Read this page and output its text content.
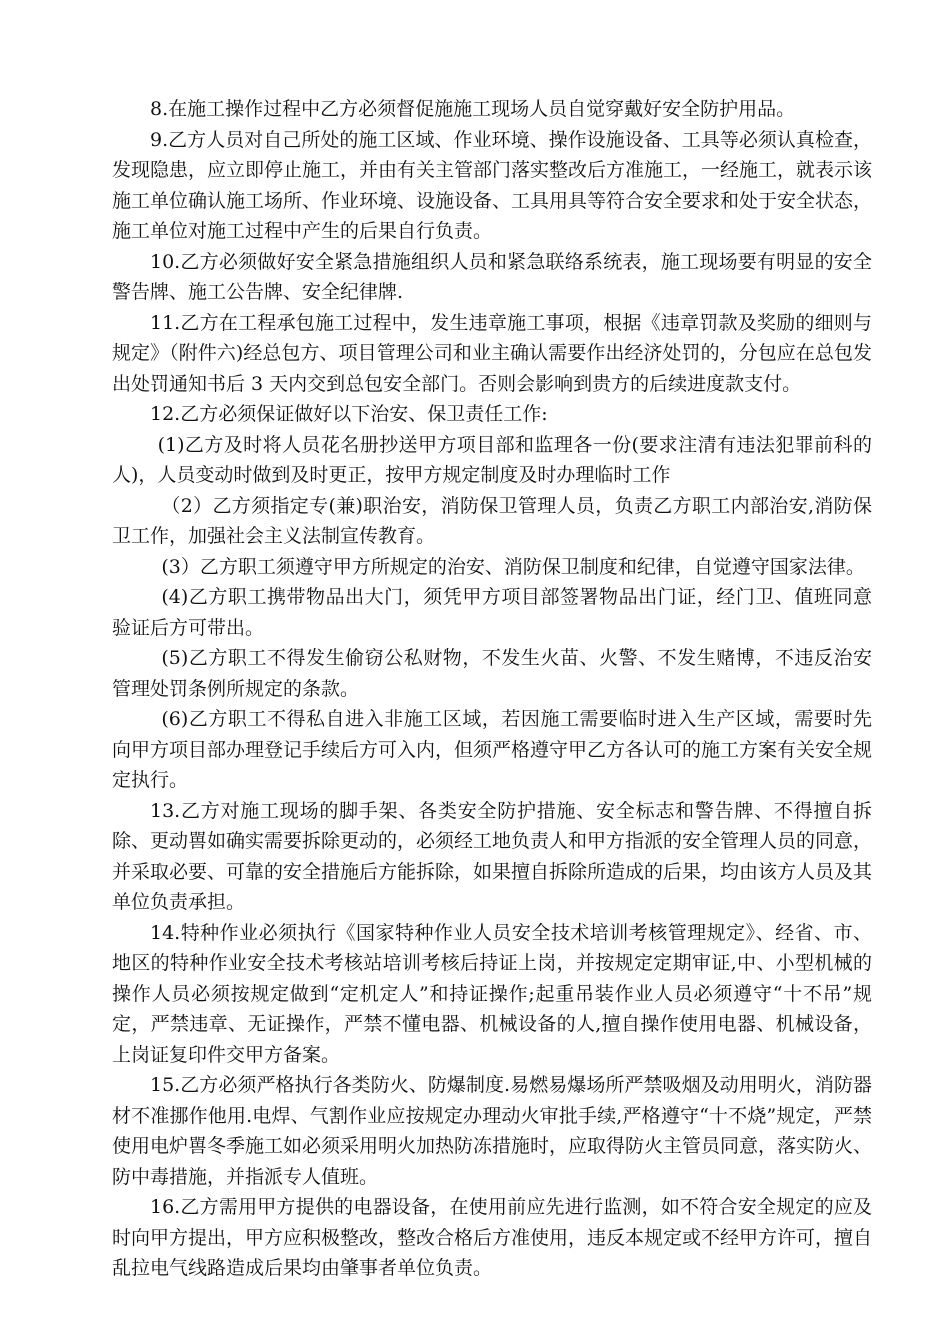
8.在施工操作过程中乙方必须督促施施工现场人员自觉穿戴好安全防护用品。

9.乙方人员对自己所处的施工区域、作业环境、操作设施设备、工具等必须认真检查，发现隐患，应立即停止施工，并由有关主管部门落实整改后方准施工，一经施工，就表示该施工单位确认施工场所、作业环境、设施设备、工具用具等符合安全要求和处于安全状态，施工单位对施工过程中产生的后果自行负责。

10.乙方必须做好安全紧急措施组织人员和紧急联络系统表，施工现场要有明显的安全警告牌、施工公告牌、安全纪律牌.

11.乙方在工程承包施工过程中，发生违章施工事项，根据《违章罚款及奖励的细则与规定》（附件六)经总包方、项目管理公司和业主确认需要作出经济处罚的，分包应在总包发出处罚通知书后 3 天内交到总包安全部门。否则会影响到贵方的后续进度款支付。

12.乙方必须保证做好以下治安、保卫责任工作:

(1)乙方及时将人员花名册抄送甲方项目部和监理各一份(要求注清有违法犯罪前科的人)，人员变动时做到及时更正，按甲方规定制度及时办理临时工作

（2）乙方须指定专(兼)职治安，消防保卫管理人员，负责乙方职工内部治安,消防保卫工作，加强社会主义法制宣传教育。

(3）乙方职工须遵守甲方所规定的治安、消防保卫制度和纪律，自觉遵守国家法律。

(4)乙方职工携带物品出大门，须凭甲方项目部签署物品出门证，经门卫、值班同意验证后方可带出。

(5)乙方职工不得发生偷窃公私财物，不发生火苗、火警、不发生赌博，不违反治安管理处罚条例所规定的条款。

(6)乙方职工不得私自进入非施工区域，若因施工需要临时进入生产区域，需要时先向甲方项目部办理登记手续后方可入内，但须严格遵守甲乙方各认可的施工方案有关安全规定执行。

13.乙方对施工现场的脚手架、各类安全防护措施、安全标志和警告牌、不得擅自拆除、更动嘼如确实需要拆除更动的，必须经工地负责人和甲方指派的安全管理人员的同意，并采取必要、可靠的安全措施后方能拆除，如果擅自拆除所造成的后果，均由该方人员及其单位负责承担。

14.特种作业必须执行《国家特种作业人员安全技术培训考核管理规定》、经省、市、地区的特种作业安全技术考核站培训考核后持证上岗，并按规定定期审证,中、小型机械的操作人员必须按规定做到“定机定人”和持证操作;起重吊装作业人员必须遵守“十不吊”规定，严禁违章、无证操作，严禁不懂电器、机械设备的人,擅自操作使用电器、机械设备，上岗证复印件交甲方备案。

15.乙方必须严格执行各类防火、防爆制度.易燃易爆场所严禁吸烟及动用明火，消防器材不准挪作他用.电焊、气割作业应按规定办理动火审批手续,严格遵守“十不烧”规定，严禁使用电炉嘼冬季施工如必须采用明火加热防冻措施时，应取得防火主管员同意，落实防火、防中毒措施，并指派专人值班。

16.乙方需用甲方提供的电器设备，在使用前应先进行监测，如不符合安全规定的应及时向甲方提出，甲方应积极整改，整改合格后方准使用，违反本规定或不经甲方许可，擅自乱拉电气线路造成后果均由肇事者单位负责。
